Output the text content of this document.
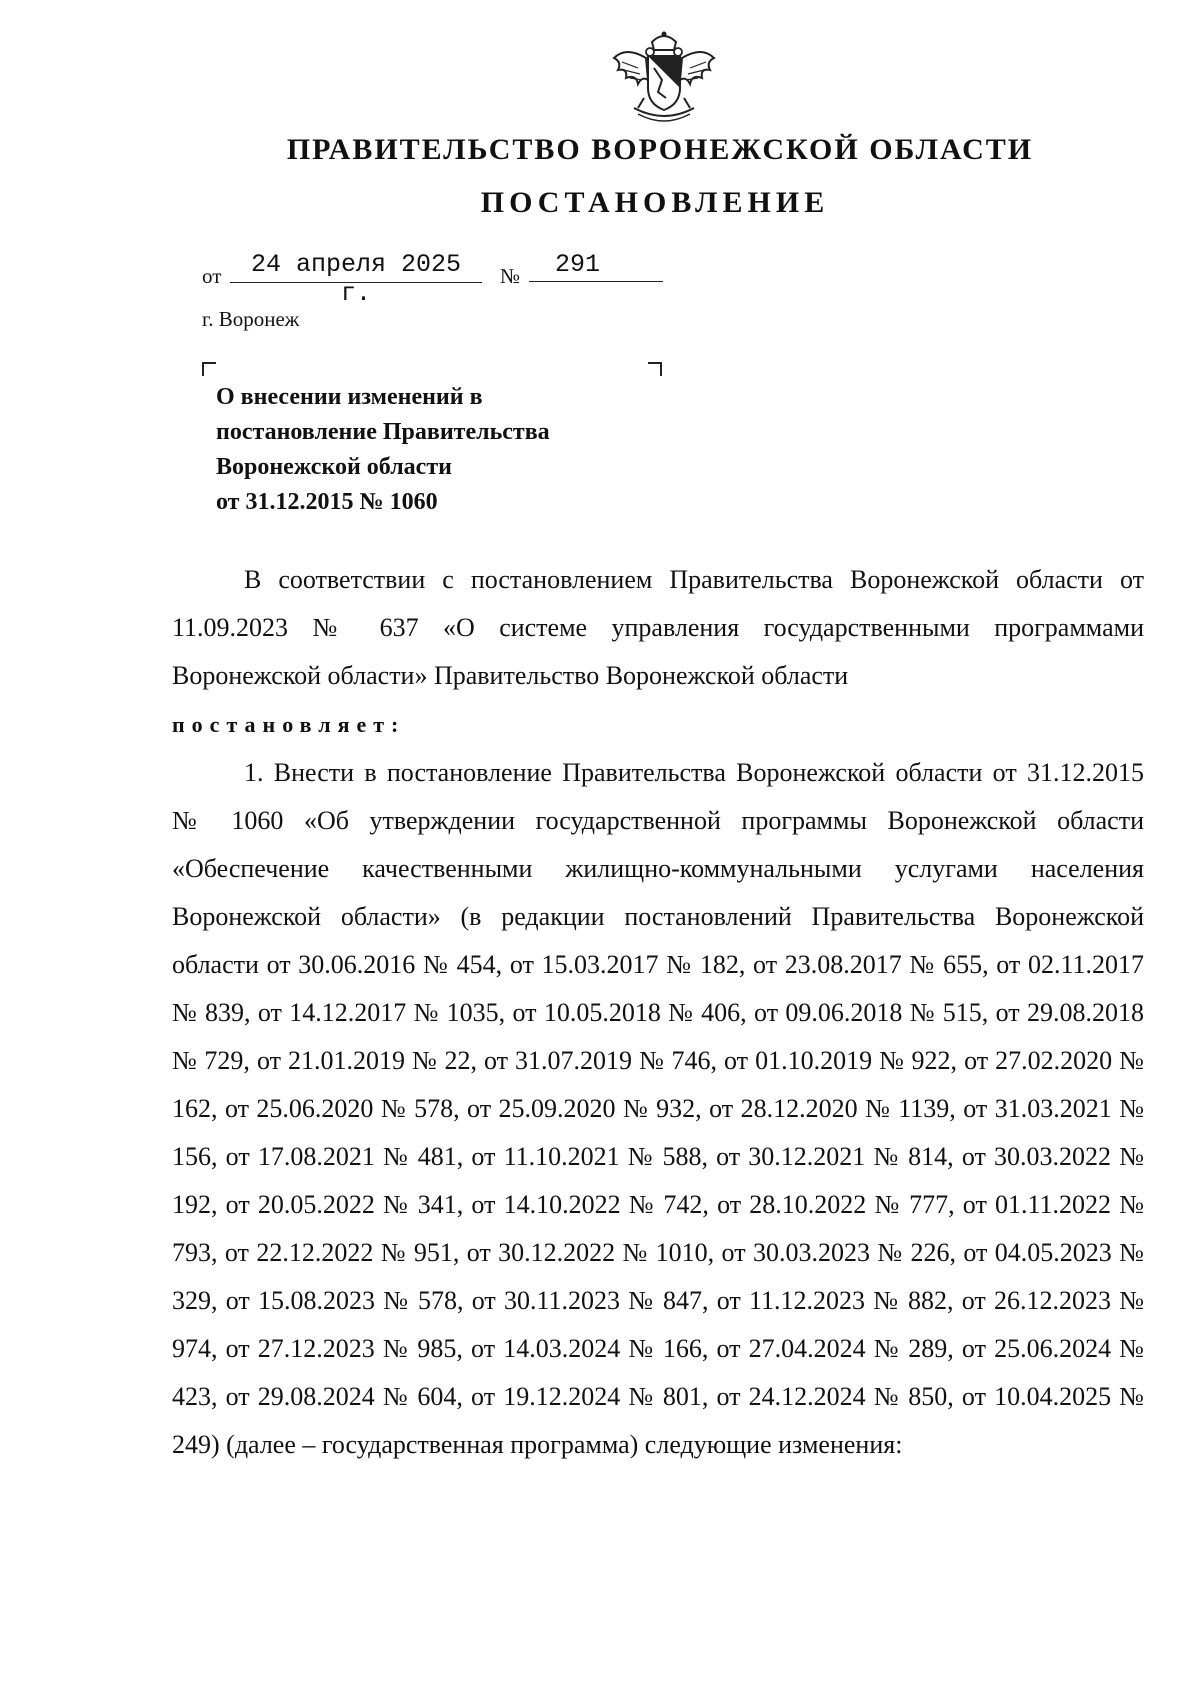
ПРАВИТЕЛЬСТВО ВОРОНЕЖСКОЙ ОБЛАСТИ
ПОСТАНОВЛЕНИЕ
от	24 апреля 2025 г.
№	291
г. Воронеж
О внесении изменений в
постановление Правительства
Воронежской области
от 31.12.2015 № 1060

В соответствии с постановлением Правительства Воронежской области от 11.09.2023 № 637 «О системе управления государственными программами Воронежской области» Правительство Воронежской области

постановляет:

1. Внести в постановление Правительства Воронежской области от 31.12.2015 № 1060 «Об утверждении государственной программы Воронежской области «Обеспечение качественными жилищно-коммунальными услугами населения Воронежской области» (в редакции постановлений Правительства Воронежской области от 30.06.2016 № 454, от 15.03.2017 № 182, от 23.08.2017 № 655, от 02.11.2017 № 839, от 14.12.2017 № 1035, от 10.05.2018 № 406, от 09.06.2018 № 515, от 29.08.2018 № 729, от 21.01.2019 № 22, от 31.07.2019 № 746, от 01.10.2019 № 922, от 27.02.2020 № 162, от 25.06.2020 № 578, от 25.09.2020 № 932, от 28.12.2020 № 1139, от 31.03.2021 № 156, от 17.08.2021 № 481, от 11.10.2021 № 588, от 30.12.2021 № 814, от 30.03.2022 № 192, от 20.05.2022 № 341, от 14.10.2022 № 742, от 28.10.2022 № 777, от 01.11.2022 № 793, от 22.12.2022 № 951, от 30.12.2022 № 1010, от 30.03.2023 № 226, от 04.05.2023 № 329, от 15.08.2023 № 578, от 30.11.2023 № 847, от 11.12.2023 № 882, от 26.12.2023 № 974, от 27.12.2023 № 985, от 14.03.2024 № 166, от 27.04.2024 № 289, от 25.06.2024 № 423, от 29.08.2024 № 604, от 19.12.2024 № 801, от 24.12.2024 № 850, от 10.04.2025 № 249) (далее – государственная программа) следующие изменения:
